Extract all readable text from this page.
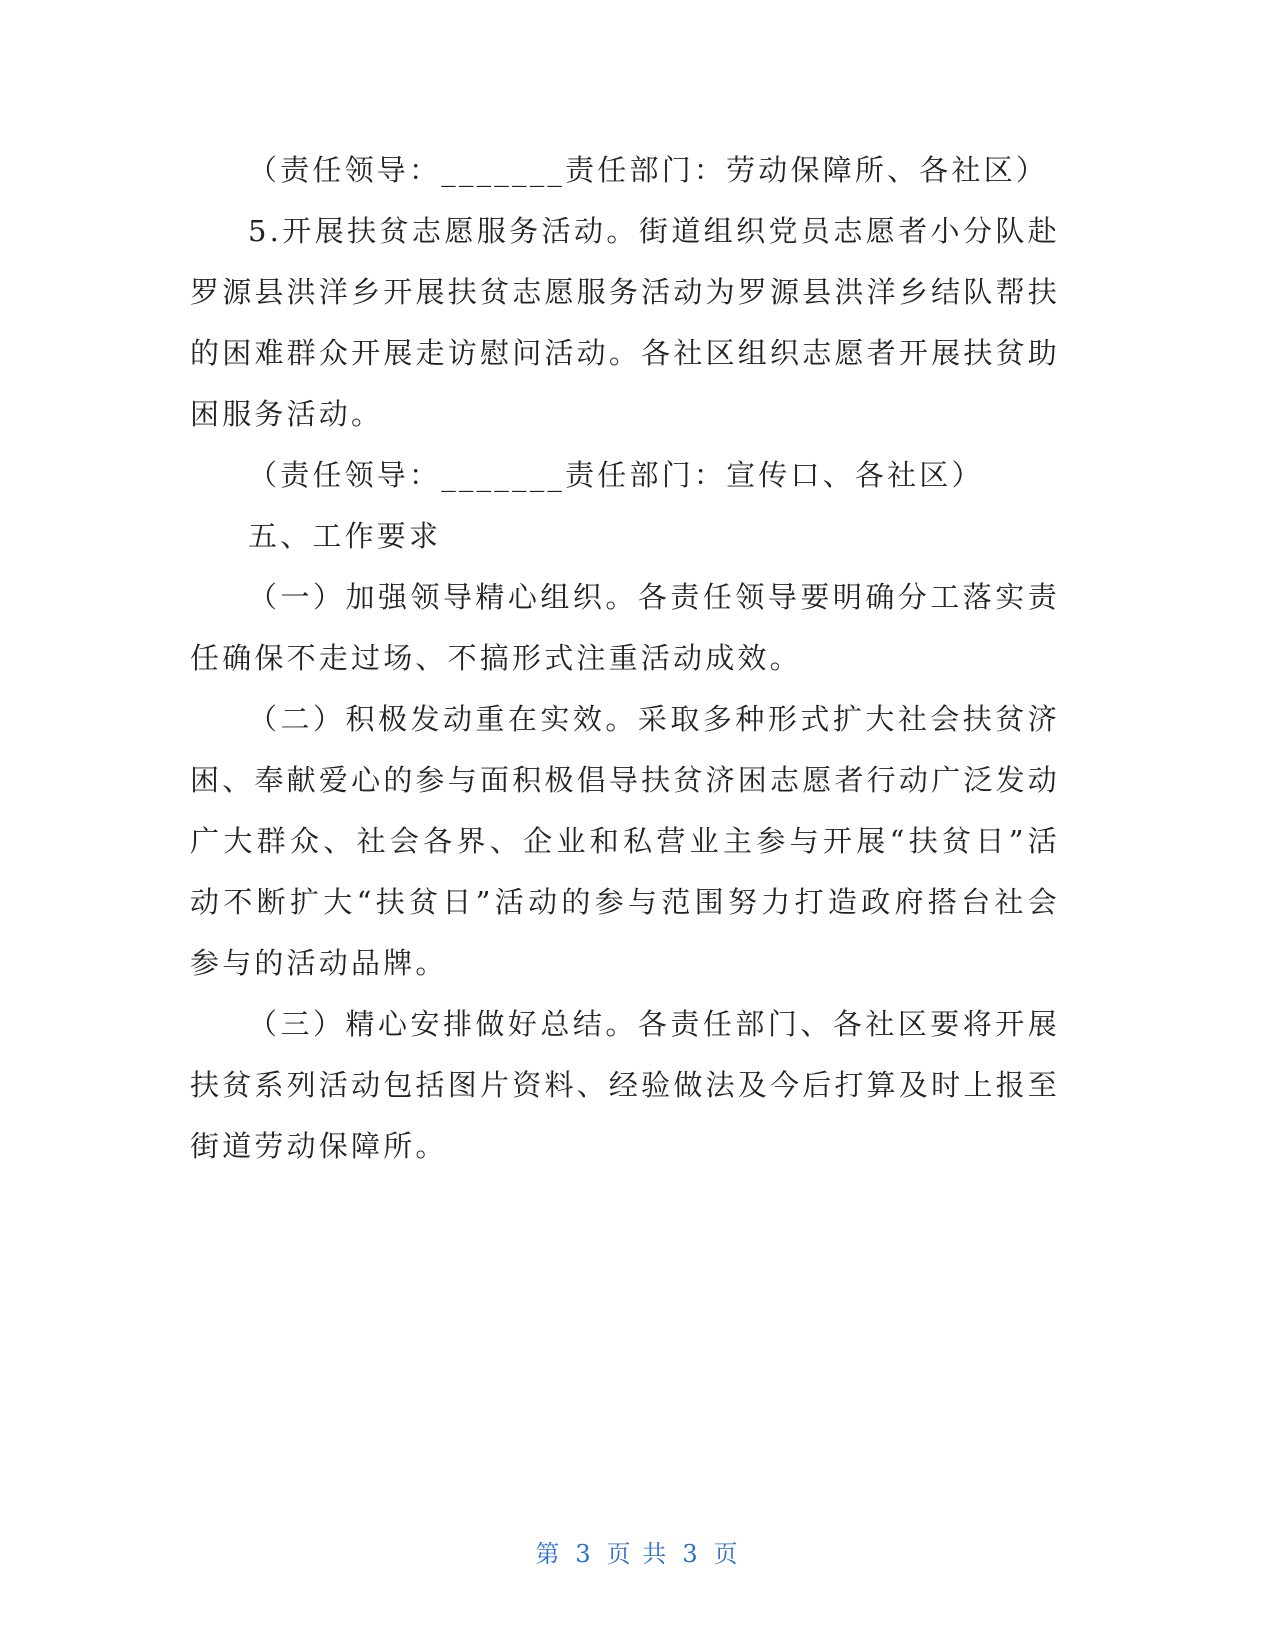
（责任领导：_______责任部门：劳动保障所、各社区）

5.开展扶贫志愿服务活动。街道组织党员志愿者小分队赴罗源县洪洋乡开展扶贫志愿服务活动为罗源县洪洋乡结队帮扶的困难群众开展走访慰问活动。各社区组织志愿者开展扶贫助困服务活动。

（责任领导：_______责任部门：宣传口、各社区）

五、工作要求

（一）加强领导精心组织。各责任领导要明确分工落实责任确保不走过场、不搞形式注重活动成效。

（二）积极发动重在实效。采取多种形式扩大社会扶贫济困、奉献爱心的参与面积极倡导扶贫济困志愿者行动广泛发动广大群众、社会各界、企业和私营业主参与开展“扶贫日”活动不断扩大“扶贫日”活动的参与范围努力打造政府搭台社会参与的活动品牌。

（三）精心安排做好总结。各责任部门、各社区要将开展扶贫系列活动包括图片资料、经验做法及今后打算及时上报至街道劳动保障所。

第 3 页 共 3 页
